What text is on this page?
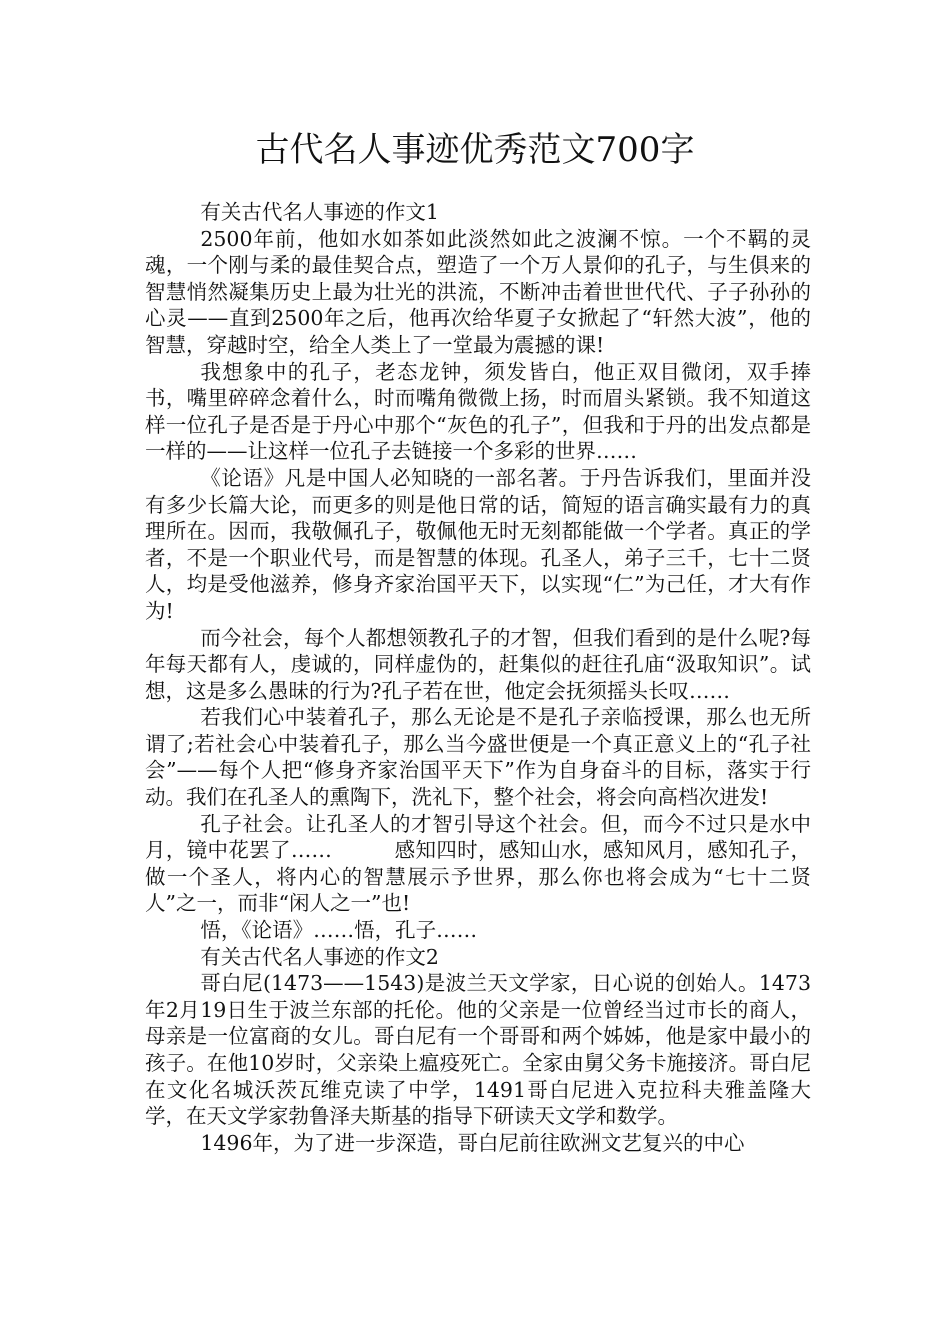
古代名人事迹优秀范文700字

有关古代名人事迹的作文1

2500年前，他如水如茶如此淡然如此之波澜不惊。一个不羁的灵魂，一个刚与柔的最佳契合点，塑造了一个万人景仰的孔子，与生俱来的智慧悄然凝集历史上最为壮光的洪流，不断冲击着世世代代、子子孙孙的心灵——直到2500年之后，他再次给华夏子女掀起了“轩然大波”，他的智慧，穿越时空，给全人类上了一堂最为震撼的课!

我想象中的孔子，老态龙钟，须发皆白，他正双目微闭，双手捧书，嘴里碎碎念着什么，时而嘴角微微上扬，时而眉头紧锁。我不知道这样一位孔子是否是于丹心中那个“灰色的孔子”，但我和于丹的出发点都是一样的——让这样一位孔子去链接一个多彩的世界……

《论语》凡是中国人必知晓的一部名著。于丹告诉我们，里面并没有多少长篇大论，而更多的则是他日常的话，简短的语言确实最有力的真理所在。因而，我敬佩孔子，敬佩他无时无刻都能做一个学者。真正的学者，不是一个职业代号，而是智慧的体现。孔圣人，弟子三千，七十二贤人，均是受他滋养，修身齐家治国平天下，以实现“仁”为己任，才大有作为!

而今社会，每个人都想领教孔子的才智，但我们看到的是什么呢?每年每天都有人，虔诚的，同样虚伪的，赶集似的赶往孔庙“汲取知识”。试想，这是多么愚昧的行为?孔子若在世，他定会抚须摇头长叹……

若我们心中装着孔子，那么无论是不是孔子亲临授课，那么也无所谓了;若社会心中装着孔子，那么当今盛世便是一个真正意义上的“孔子社会”——每个人把“修身齐家治国平天下”作为自身奋斗的目标，落实于行动。我们在孔圣人的熏陶下，洗礼下，整个社会，将会向高档次进发!

孔子社会。让孔圣人的才智引导这个社会。但，而今不过只是水中月，镜中花罢了……　　　感知四时，感知山水，感知风月，感知孔子，做一个圣人，将内心的智慧展示予世界，那么你也将会成为“七十二贤人”之一，而非“闲人之一”也!

悟，《论语》……悟，孔子……

有关古代名人事迹的作文2

哥白尼(1473——1543)是波兰天文学家，日心说的创始人。1473年2月19日生于波兰东部的托伦。他的父亲是一位曾经当过市长的商人，母亲是一位富商的女儿。哥白尼有一个哥哥和两个姊姊，他是家中最小的孩子。在他10岁时，父亲染上瘟疫死亡。全家由舅父务卡施接济。哥白尼在文化名城沃茨瓦维克读了中学，1491哥白尼进入克拉科夫雅盖隆大学，在天文学家勃鲁泽夫斯基的指导下研读天文学和数学。

1496年，为了进一步深造，哥白尼前往欧洲文艺复兴的中心
